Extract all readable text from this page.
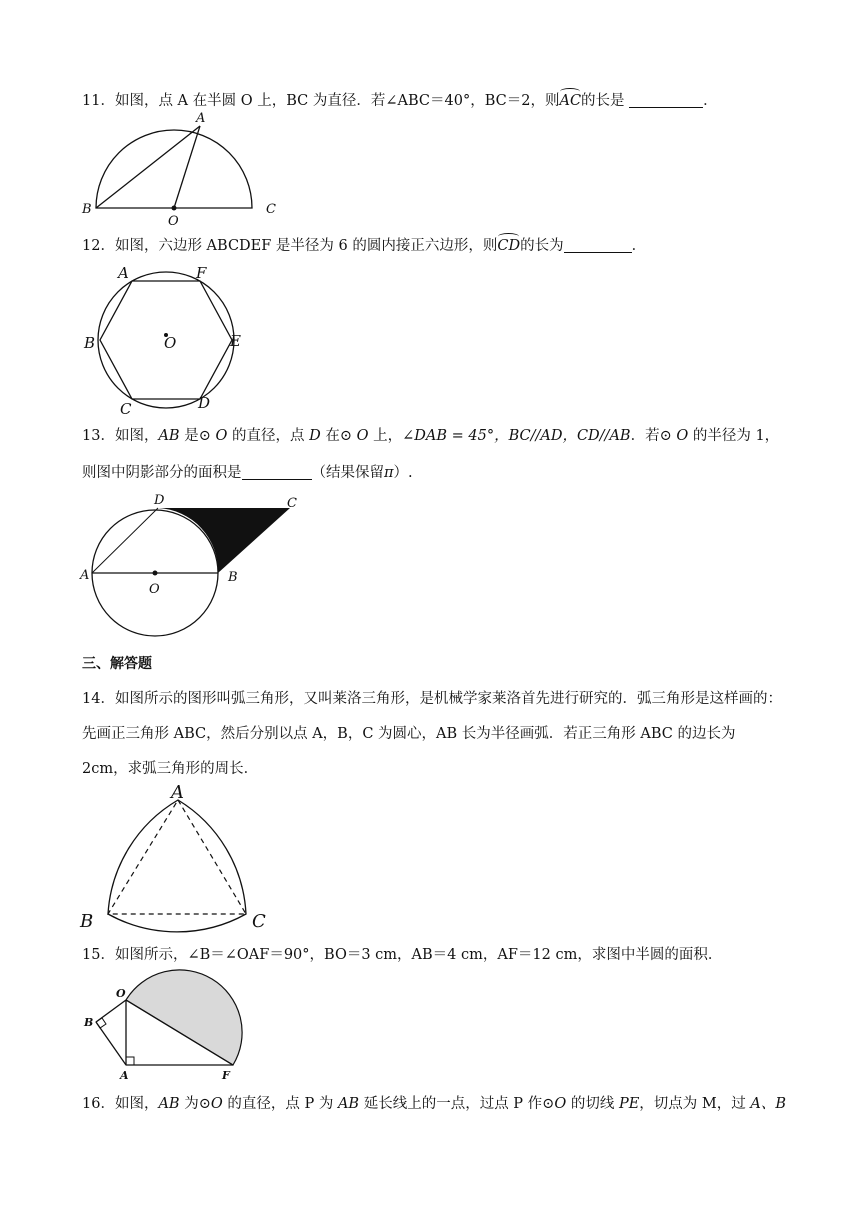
11．如图，点 A 在半圆 O 上，BC 为直径．若∠ABC＝40°，BC＝2，则AC的长是	．
A
B
O
C
12．如图，六边形 ABCDEF 是半径为 6 的圆内接正六边形，则CD的长为	．
A	F
B	O	E
C	D
13．如图，AB 是⊙ O 的直径，点 D 在⊙ O 上，∠DAB = 45°，BC//AD，CD//AB．若⊙ O 的半径为 1，
则图中阴影部分的面积是	（结果保留π）.
D	C
A
O
B
三、解答题
14．如图所示的图形叫弧三角形，又叫莱洛三角形，是机械学家莱洛首先进行研究的．弧三角形是这样画的：先画正三角形 ABC，然后分别以点 A，B，C 为圆心，AB 长为半径画弧．若正三角形 ABC 的边长为 2cm，求弧三角形的周长．
A
B	C
15．如图所示，∠B＝∠OAF＝90°，BO＝3 cm，AB＝4 cm，AF＝12 cm，求图中半圆的面积．
O
B
A	F
16．如图，AB 为⊙O 的直径，点 P 为 AB 延长线上的一点，过点 P 作⊙O 的切线 PE，切点为 M，过 A、B
